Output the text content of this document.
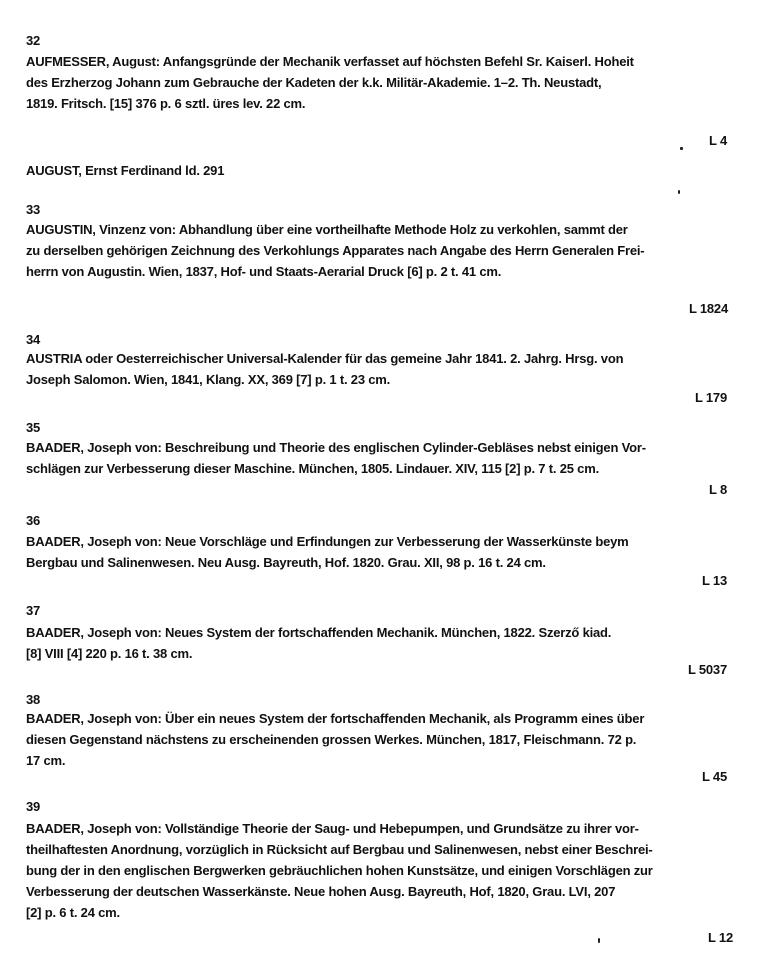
32
AUFMESSER, August: Anfangsgründe der Mechanik verfasset auf höchsten Befehl Sr. Kaiserl. Hoheit
des Erzherzog Johann zum Gebrauche der Kadeten der k.k. Militär-Akademie. 1–2. Th. Neustadt,
1819. Fritsch. [15] 376 p. 6 sztl. üres lev. 22 cm.
L 4
AUGUST, Ernst Ferdinand ld. 291
33
AUGUSTIN, Vinzenz von: Abhandlung über eine vortheilhafte Methode Holz zu verkohlen, sammt der
zu derselben gehörigen Zeichnung des Verkohlungs Apparates nach Angabe des Herrn Generalen Frei-
herrn von Augustin. Wien, 1837, Hof- und Staats-Aerarial Druck [6] p. 2 t. 41 cm.
L 1824
34
AUSTRIA oder Oesterreichischer Universal-Kalender für das gemeine Jahr 1841. 2. Jahrg. Hrsg. von
Joseph Salomon. Wien, 1841, Klang. XX, 369 [7] p. 1 t. 23 cm.
L 179
35
BAADER, Joseph von: Beschreibung und Theorie des englischen Cylinder-Gebläses nebst einigen Vor-
schlägen zur Verbesserung dieser Maschine. München, 1805. Lindauer. XIV, 115 [2] p. 7 t. 25 cm.
L 8
36
BAADER, Joseph von: Neue Vorschläge und Erfindungen zur Verbesserung der Wasserkünste beym
Bergbau und Salinenwesen. Neu Ausg. Bayreuth, Hof. 1820. Grau. XII, 98 p. 16 t. 24 cm.
L 13
37
BAADER, Joseph von: Neues System der fortschaffenden Mechanik. München, 1822. Szerző kiad.
[8] VIII [4] 220 p. 16 t. 38 cm.
L 5037
38
BAADER, Joseph von: Über ein neues System der fortschaffenden Mechanik, als Programm eines über
diesen Gegenstand nächstens zu erscheinenden grossen Werkes. München, 1817, Fleischmann. 72 p.
17 cm.
L 45
39
BAADER, Joseph von: Vollständige Theorie der Saug- und Hebepumpen, und Grundsätze zu ihrer vor-
theilhaftesten Anordnung, vorzüglich in Rücksicht auf Bergbau und Salinenwesen, nebst einer Beschrei-
bung der in den englischen Bergwerken gebräuchlichen hohen Kunstsätze, und einigen Vorschlägen zur
Verbesserung der deutschen Wasserkänste. Neue hohen Ausg. Bayreuth, Hof, 1820, Grau. LVI, 207
[2] p. 6 t. 24 cm.
L 12
